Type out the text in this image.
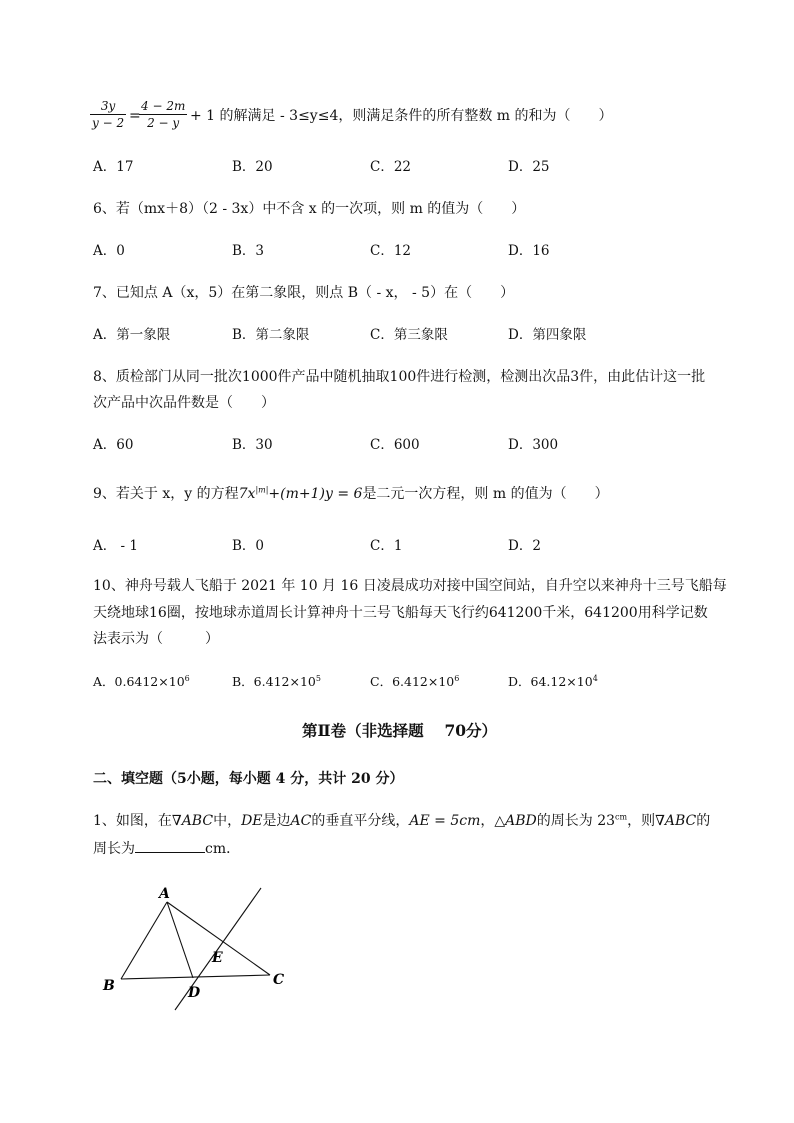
$\frac{3y}{y - 2}$ =
$\frac{4 - 2m}{2 - y} + 1$ 的解满足 - 3≤y≤4，则满足条件的所有整数 m 的和为（　　）
A．17	B．20	C．22	D．25
6、若（mx＋8）（2 - 3x）中不含 x 的一次项，则 m 的值为（　　）
A．0	B．3	C．12	D．16
7、已知点 A（x，5）在第二象限，则点 B（ - x， - 5）在（　　）
A．第一象限	B．第二象限	C．第三象限	D．第四象限
8、质检部门从同一批次1000件产品中随机抽取100件进行检测，检测出次品3件，由此估计这一批
次产品中次品件数是（　　）
A．60	B．30	C．600	D．300
9、若关于 x，y 的方程$7x^{|m|}+(m+1)y = 6$是二元一次方程，则 m 的值为（　　）
A． - 1	B．0	C．1	D．2
10、神舟号载人飞船于 2021 年 10 月 16 日凌晨成功对接中国空间站，自升空以来神舟十三号飞船每
天绕地球16圈，按地球赤道周长计算神舟十三号飞船每天飞行约641200千米，641200用科学记数
法表示为（　　　）
A．$0.6412\times 10^6$	B．$6.412\times 10^5$	C．$6.412\times 10^6$	D．$64.12\times 10^4$
第Ⅱ卷（非选择题　 70分）
二、填空题（5小题，每小题 4 分，共计 20 分）
1、如图，在∇ABC中，DE是边AC的垂直平分线，AE = 5cm，△ABD的周长为 $23^{cm}$，则∇ABC的
周长为	cm．
A
B	C
D
E
